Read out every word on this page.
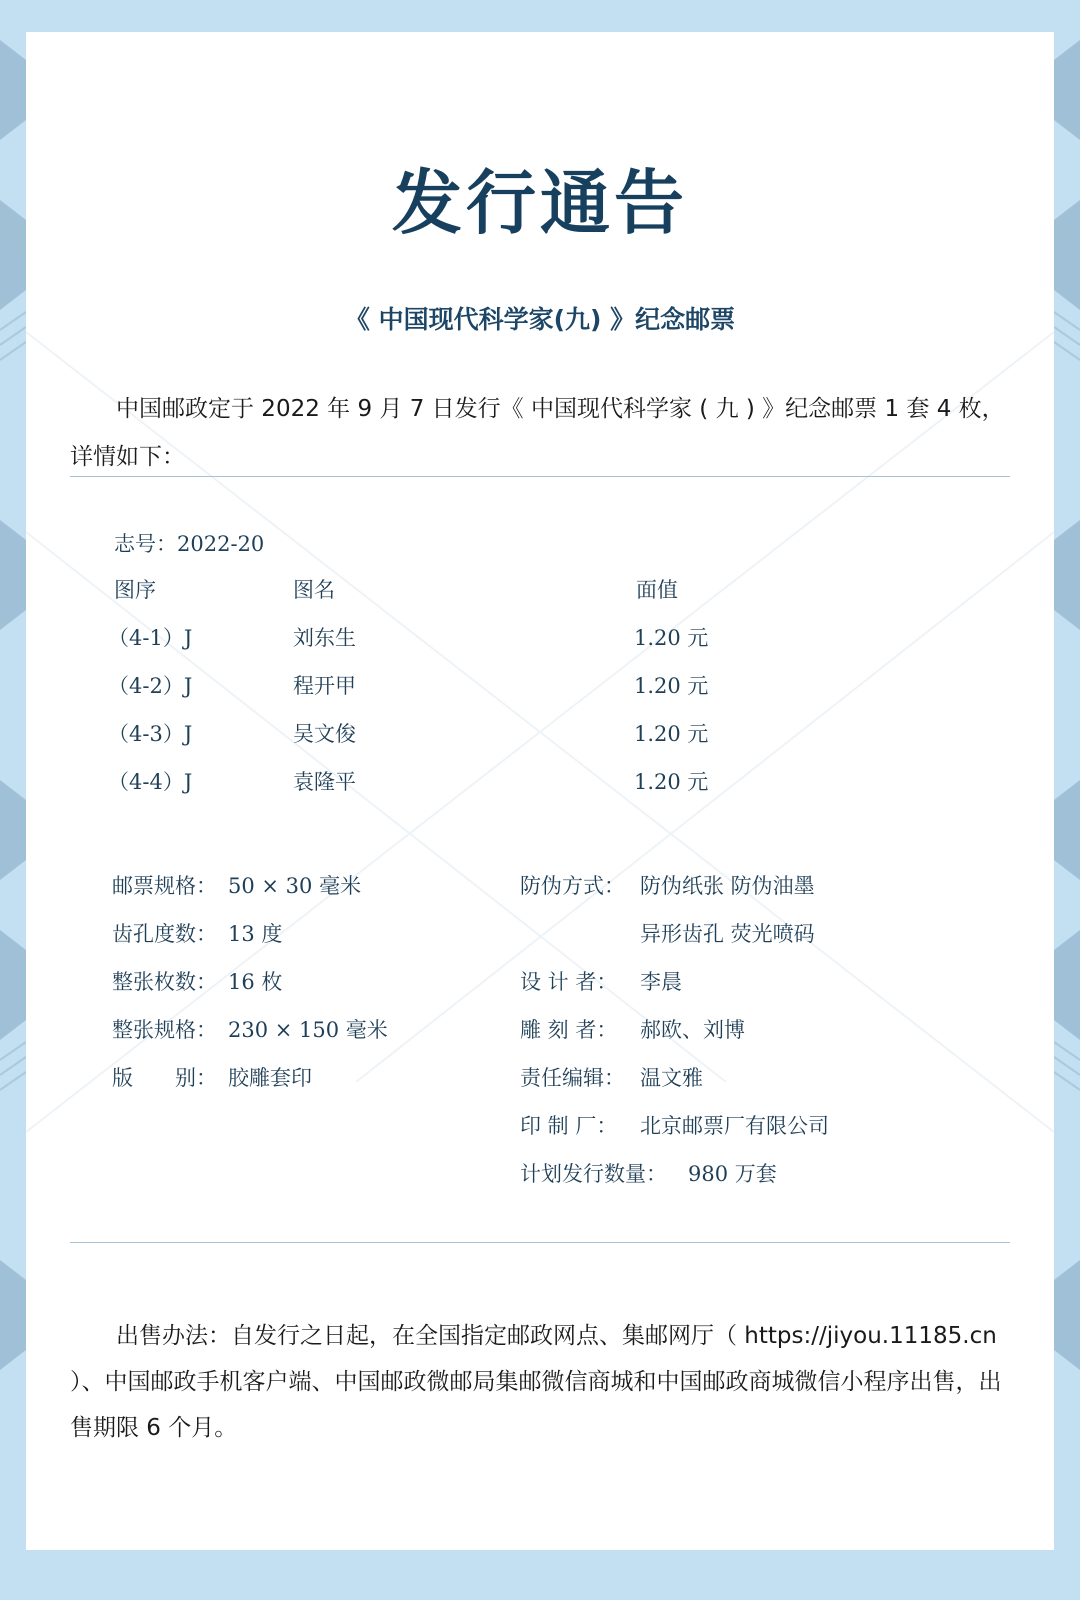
发行通告
《 中国现代科学家(九) 》纪念邮票

中国邮政定于 2022 年 9 月 7 日发行《 中国现代科学家 ( 九 ) 》纪念邮票 1 套 4 枚，详情如下：

志号：2022-20
图序	图名	面值
（4-1）J	刘东生	1.20 元
（4-2）J	程开甲	1.20 元
（4-3）J	吴文俊	1.20 元
（4-4）J	袁隆平	1.20 元
邮票规格： 50 × 30 毫米
齿孔度数： 13 度
整张枚数： 16 枚
整张规格： 230 × 150 毫米
版　　别： 胶雕套印
防伪方式： 防伪纸张 防伪油墨
异形齿孔 荧光喷码
设 计 者： 李晨
雕 刻 者： 郝欧、刘博
责任编辑： 温文雅
印 制 厂： 北京邮票厂有限公司
计划发行数量： 980 万套

出售办法：自发行之日起，在全国指定邮政网点、集邮网厅（ https://jiyou.11185.cn ）、中国邮政手机客户端、中国邮政微邮局集邮微信商城和中国邮政商城微信小程序出售，出售期限 6 个月。
